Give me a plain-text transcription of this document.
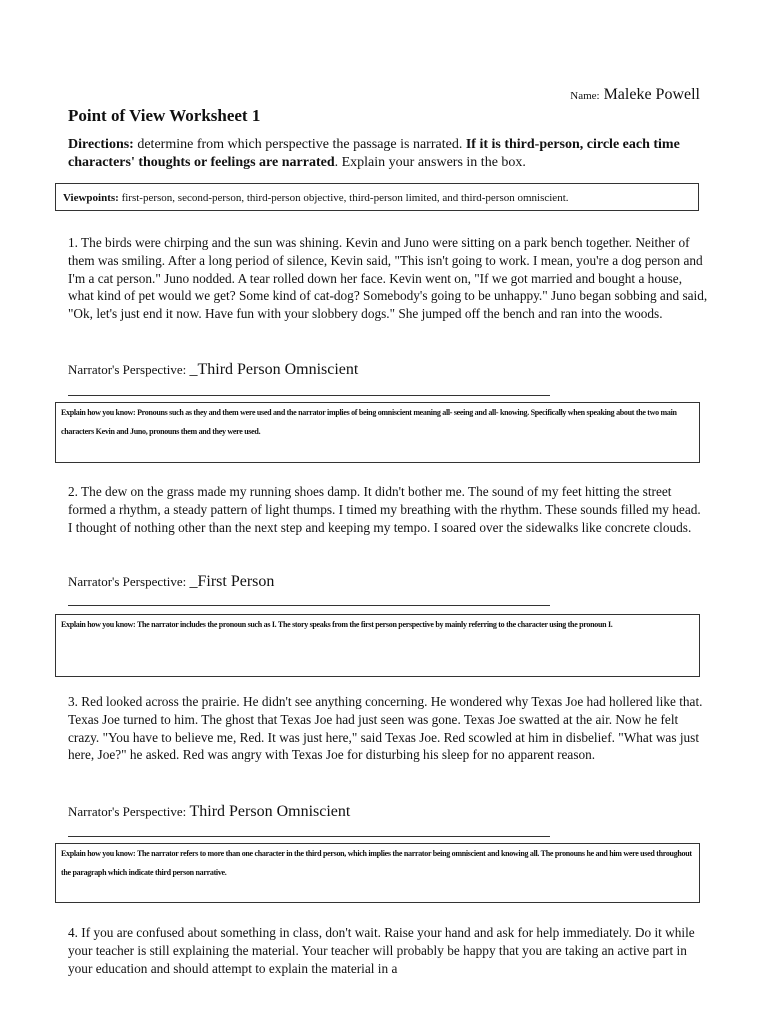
Name: Maleke Powell
Point of View Worksheet 1
Directions: determine from which perspective the passage is narrated. If it is third-person, circle each time characters' thoughts or feelings are narrated. Explain your answers in the box.
Viewpoints: first-person, second-person, third-person objective, third-person limited, and third-person omniscient.
1. The birds were chirping and the sun was shining. Kevin and Juno were sitting on a park bench together. Neither of them was smiling. After a long period of silence, Kevin said, "This isn't going to work. I mean, you're a dog person and I'm a cat person." Juno nodded. A tear rolled down her face. Kevin went on, "If we got married and bought a house, what kind of pet would we get? Some kind of cat-dog? Somebody's going to be unhappy." Juno began sobbing and said, "Ok, let's just end it now. Have fun with your slobbery dogs." She jumped off the bench and ran into the woods.
Narrator's Perspective: _Third Person Omniscient
Explain how you know: Pronouns such as they and them were used and the narrator implies of being omniscient meaning all- seeing and all- knowing. Specifically when speaking about the two main characters Kevin and Juno, pronouns them and they were used.
2. The dew on the grass made my running shoes damp. It didn't bother me. The sound of my feet hitting the street formed a rhythm, a steady pattern of light thumps. I timed my breathing with the rhythm. These sounds filled my head. I thought of nothing other than the next step and keeping my tempo. I soared over the sidewalks like concrete clouds.
Narrator's Perspective: _First Person
Explain how you know: The narrator includes the pronoun such as I. The story speaks from the first person perspective by mainly referring to the character using the pronoun I.
3. Red looked across the prairie. He didn't see anything concerning. He wondered why Texas Joe had hollered like that. Texas Joe turned to him. The ghost that Texas Joe had just seen was gone. Texas Joe swatted at the air. Now he felt crazy. "You have to believe me, Red. It was just here," said Texas Joe. Red scowled at him in disbelief. "What was just here, Joe?" he asked. Red was angry with Texas Joe for disturbing his sleep for no apparent reason.
Narrator's Perspective: Third Person Omniscient
Explain how you know: The narrator refers to more than one character in the third person, which implies the narrator being omniscient and knowing all. The pronouns he and him were used throughout the paragraph which indicate third person narrative.
4. If you are confused about something in class, don't wait. Raise your hand and ask for help immediately. Do it while your teacher is still explaining the material. Your teacher will probably be happy that you are taking an active part in your education and should attempt to explain the material in a
